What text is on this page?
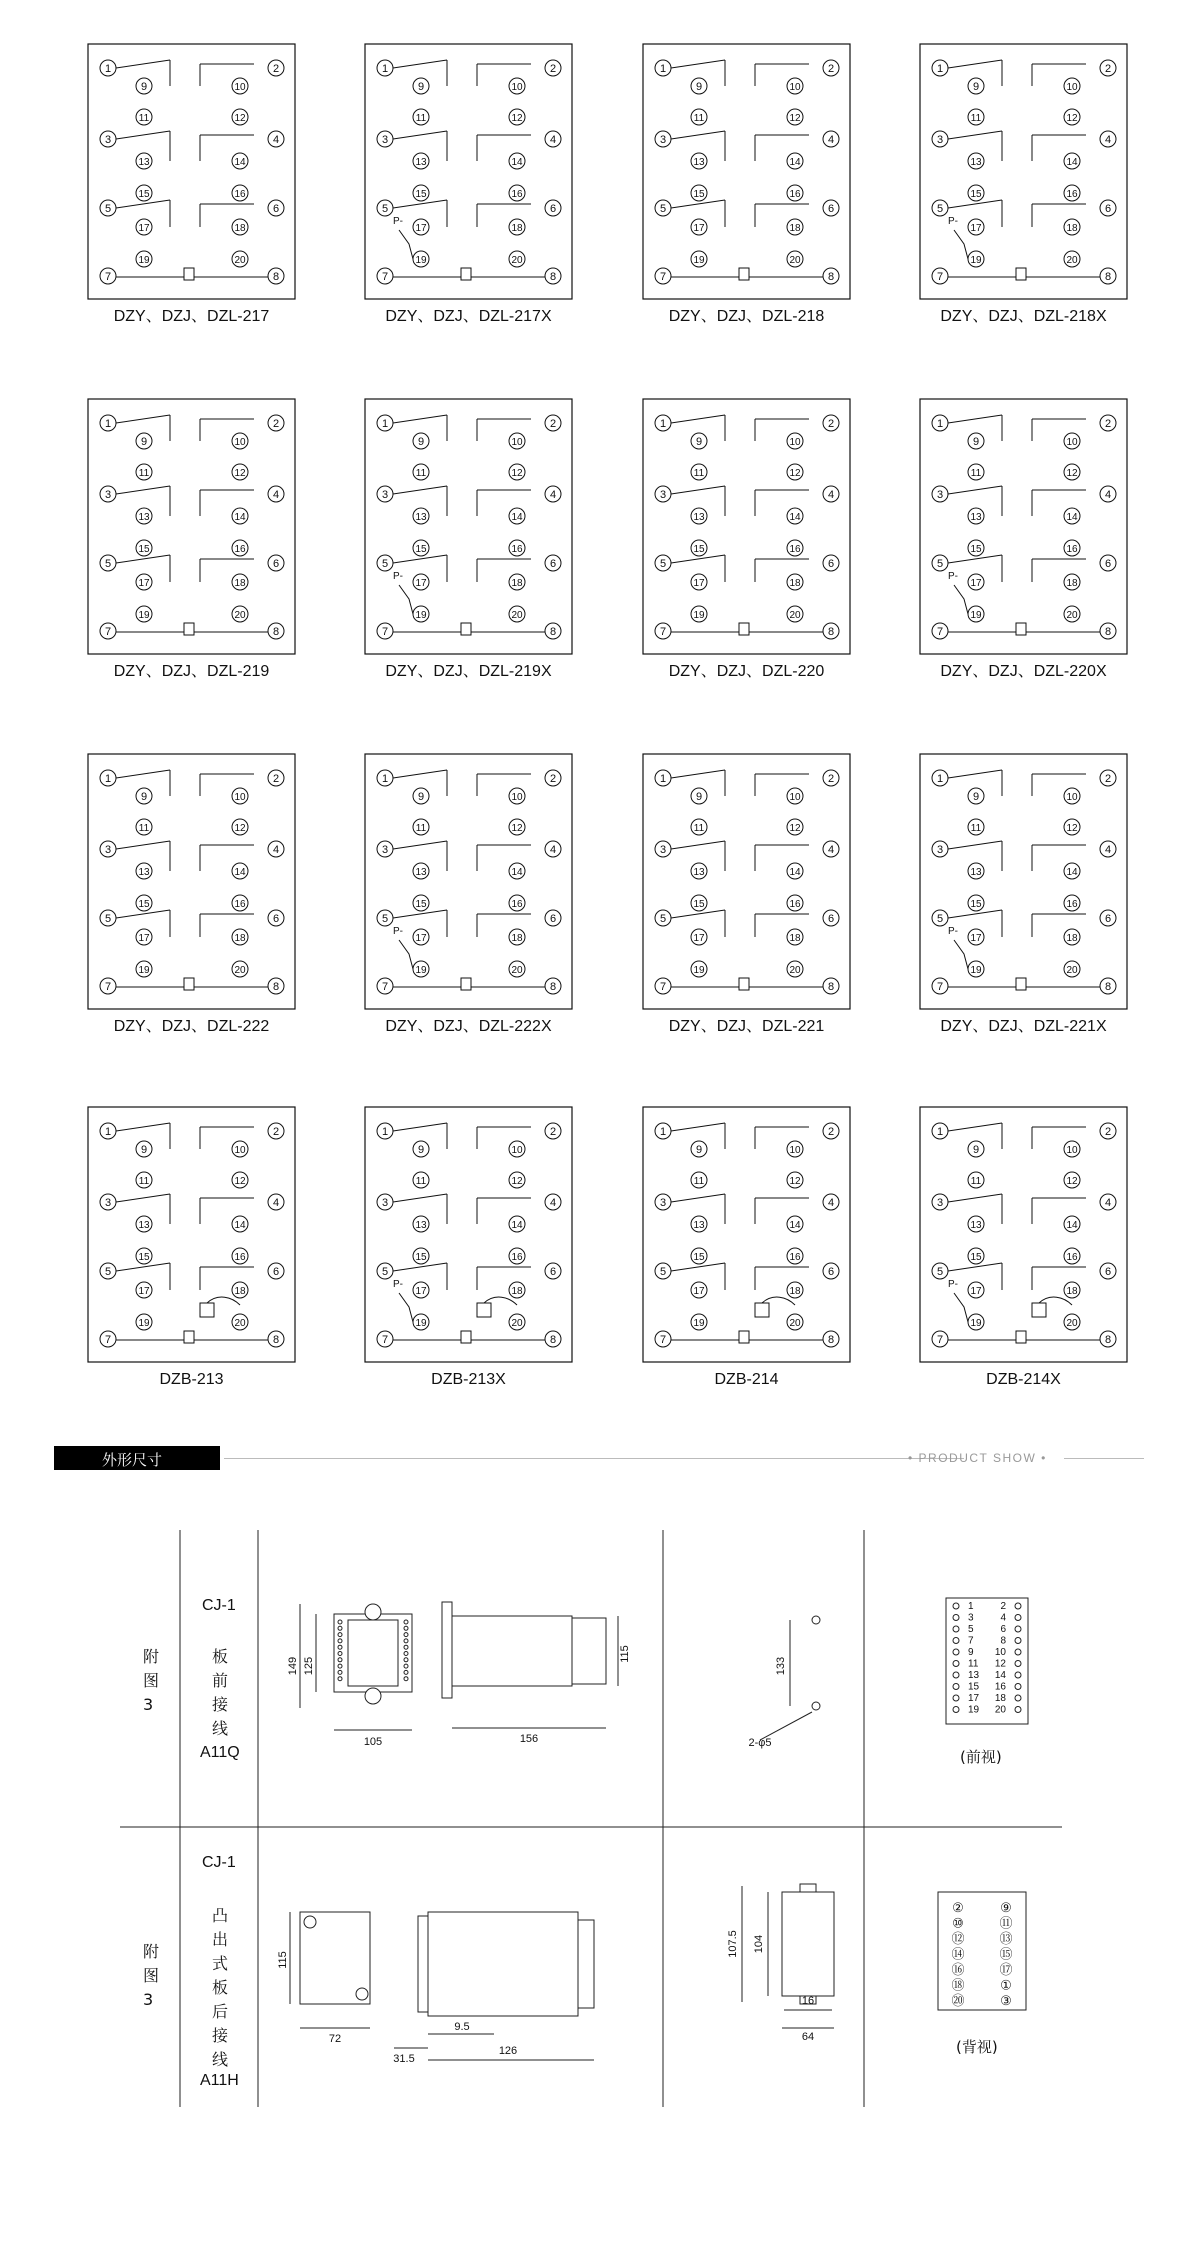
1
3
5
7
2
4
6
8
9	10
11	12
13	14
15	16
17	18
19	20
DZY、DZJ、DZL-217
1
3
5
7
2
4
6
8
9	10
11	12
13	14
15	16
17	18
19	20
P-
DZY、DZJ、DZL-217X
1
3
5
7
2
4
6
8
9	10
11	12
13	14
15	16
17	18
19	20
DZY、DZJ、DZL-218
1
3
5
7
2
4
6
8
9	10
11	12
13	14
15	16
17	18
19	20
P-
DZY、DZJ、DZL-218X
1
3
5
7
2
4
6
8
9	10
11	12
13	14
15	16
17	18
19	20
DZY、DZJ、DZL-219
1
3
5
7
2
4
6
8
9	10
11	12
13	14
15	16
17	18
19	20
P-
DZY、DZJ、DZL-219X
1
3
5
7
2
4
6
8
9	10
11	12
13	14
15	16
17	18
19	20
DZY、DZJ、DZL-220
1
3
5
7
2
4
6
8
9	10
11	12
13	14
15	16
17	18
19	20
P-
DZY、DZJ、DZL-220X
1
3
5
7
2
4
6
8
9	10
11	12
13	14
15	16
17	18
19	20
DZY、DZJ、DZL-222
1
3
5
7
2
4
6
8
9	10
11	12
13	14
15	16
17	18
19	20
P-
DZY、DZJ、DZL-222X
1
3
5
7
2
4
6
8
9	10
11	12
13	14
15	16
17	18
19	20
DZY、DZJ、DZL-221
1
3
5
7
2
4
6
8
9	10
11	12
13	14
15	16
17	18
19	20
P-
DZY、DZJ、DZL-221X
1
3
5
7
2
4
6
8
9	10
11	12
13	14
15	16
17	18
19	20
DZB-213
1
3
5
7
2
4
6
8
9	10
11	12
13	14
15	16
17	18
19	20
P-
DZB-213X
1
3
5
7
2
4
6
8
9	10
11	12
13	14
15	16
17	18
19	20
DZB-214
1
3
5
7
2
4
6
8
9	10
11	12
13	14
15	16
17	18
19	20
P-
DZB-214X
外形尺寸	• PRODUCT SHOW •
149 125
105
115
156
133
2-φ5
1	2
3	4
5	6
7	8
9 10
11 12
13 14
15 16
17 18
19 20
72
115
31.5
9.5
126
107.5 104
16
64
②	⑨
⑩	⑪
⑫	⑬
⑭	⑮
⑯	⑰
⑱	①
⑳	③
附
图
3
CJ-1
板
前
接
线
A11Q	(前视)
CJ-1
附
图
3
凸
出
式
板
后
接
线
A11H
(背视)
